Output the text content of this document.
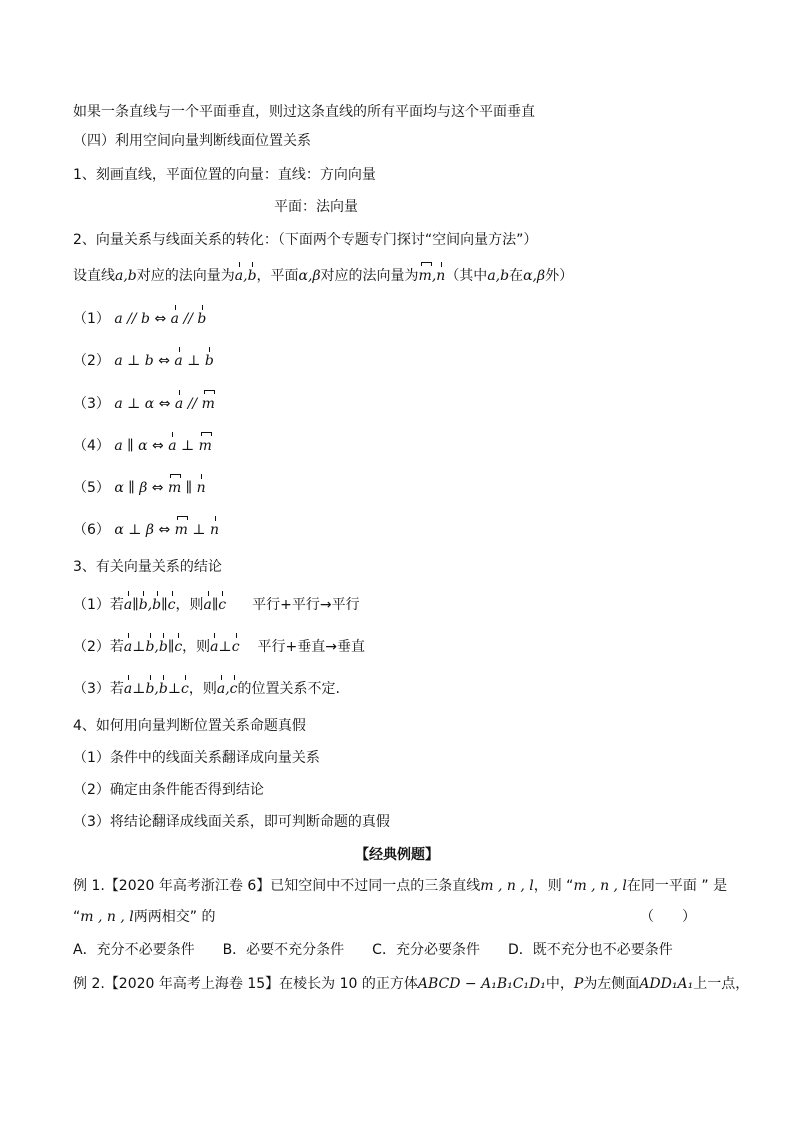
如果一条直线与一个平面垂直，则过这条直线的所有平面均与这个平面垂直
（四）利用空间向量判断线面位置关系
1、刻画直线，平面位置的向量：直线：方向向量
平面：法向量
2、向量关系与线面关系的转化：（下面两个专题专门探讨“空间向量方法”）
设直线a,b对应的法向量为a,b，平面α,β对应的法向量为m,n（其中a,b在α,β外）
（1） a // b ⇔ a // b
（2） a ⊥ b ⇔ a ⊥ b
（3） a ⊥ α ⇔ a // m
（4） a ∥ α ⇔ a ⊥ m
（5） α ∥ β ⇔ m ∥ n
（6） α ⊥ β ⇔ m ⊥ n
3、有关向量关系的结论
（1）若a∥b,b∥c，则a∥c 平行+平行→平行
（2）若a⊥b,b∥c，则a⊥c 平行+垂直→垂直
（3）若a⊥b,b⊥c，则a,c的位置关系不定.
4、如何用向量判断位置关系命题真假
（1）条件中的线面关系翻译成向量关系
（2）确定由条件能否得到结论
（3）将结论翻译成线面关系，即可判断命题的真假
【经典例题】
例 1.【2020 年高考浙江卷 6】已知空间中不过同一点的三条直线m , n , l，则 “m , n , l在同一平面 ” 是
“m , n , l两两相交” 的	（　　）
A．充分不必要条件　　B．必要不充分条件　　C．充分必要条件　　D．既不充分也不必要条件
例 2.【2020 年高考上海卷 15】在棱长为 10 的正方体ABCD − A₁B₁C₁D₁中，P为左侧面ADD₁A₁上一点，
